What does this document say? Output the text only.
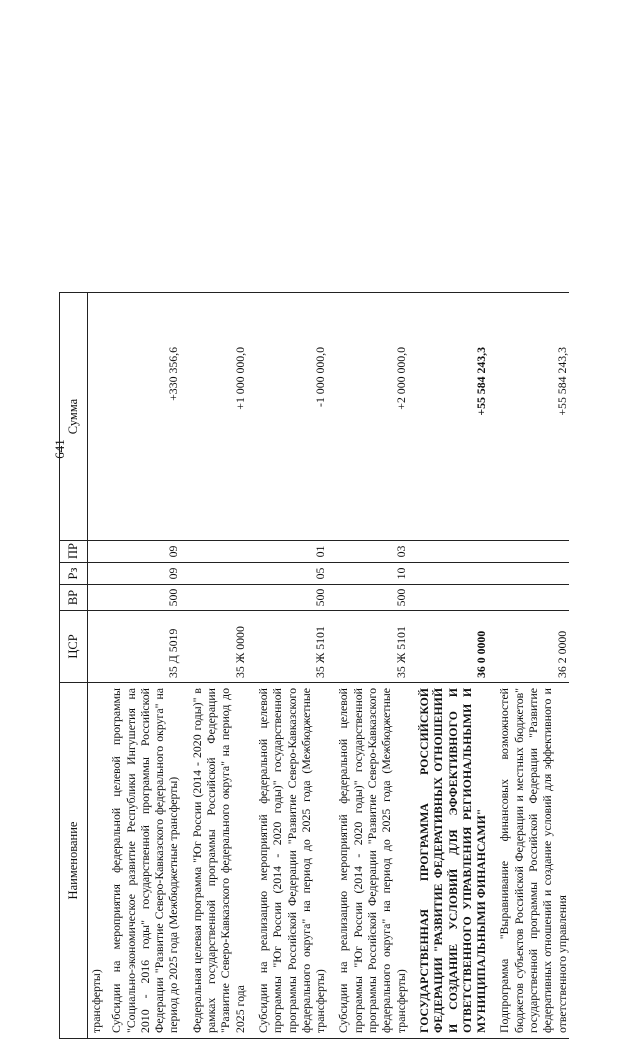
641
Наименование	ЦСР	ВР	Рз	ПР	Сумма
трансферты)					
Субсидии на мероприятия федеральной целевой программы "Социально-экономическое развитие Республики Ингушетия на 2010 - 2016 годы" государственной программы Российской Федерации "Развитие Северо-Кавказского федерального округа" на период до 2025 года (Межбюджетные трансферты)	35 Д 5019	500	09	09	+330 356,6
Федеральная целевая программа "Юг России (2014 - 2020 годы)" в рамках государственной программы Российской Федерации "Развитие Северо-Кавказского федерального округа" на период до 2025 года	35 Ж 0000				+1 000 000,0
Субсидии на реализацию мероприятий федеральной целевой программы "Юг России (2014 - 2020 годы)" государственной программы Российской Федерации "Развитие Северо-Кавказского федерального округа" на период до 2025 года (Межбюджетные трансферты)	35 Ж 5101	500	05	01	-1 000 000,0
Субсидии на реализацию мероприятий федеральной целевой программы "Юг России (2014 - 2020 годы)" государственной программы Российской Федерации "Развитие Северо-Кавказского федерального округа" на период до 2025 года (Межбюджетные трансферты)	35 Ж 5101	500	10	03	+2 000 000,0
ГОСУДАРСТВЕННАЯ ПРОГРАММА РОССИЙСКОЙ ФЕДЕРАЦИИ "РАЗВИТИЕ ФЕДЕРАТИВНЫХ ОТНОШЕНИЙ И СОЗДАНИЕ УСЛОВИЙ ДЛЯ ЭФФЕКТИВНОГО И ОТВЕТСТВЕННОГО УПРАВЛЕНИЯ РЕГИОНАЛЬНЫМИ И МУНИЦИПАЛЬНЫМИ ФИНАНСАМИ"	36 0 0000				+55 584 243,3
Подпрограмма "Выравнивание финансовых возможностей бюджетов субъектов Российской Федерации и местных бюджетов" государственной программы Российской Федерации "Развитие федеративных отношений и создание условий для эффективного и ответственного управления	36 2 0000				+55 584 243,3
